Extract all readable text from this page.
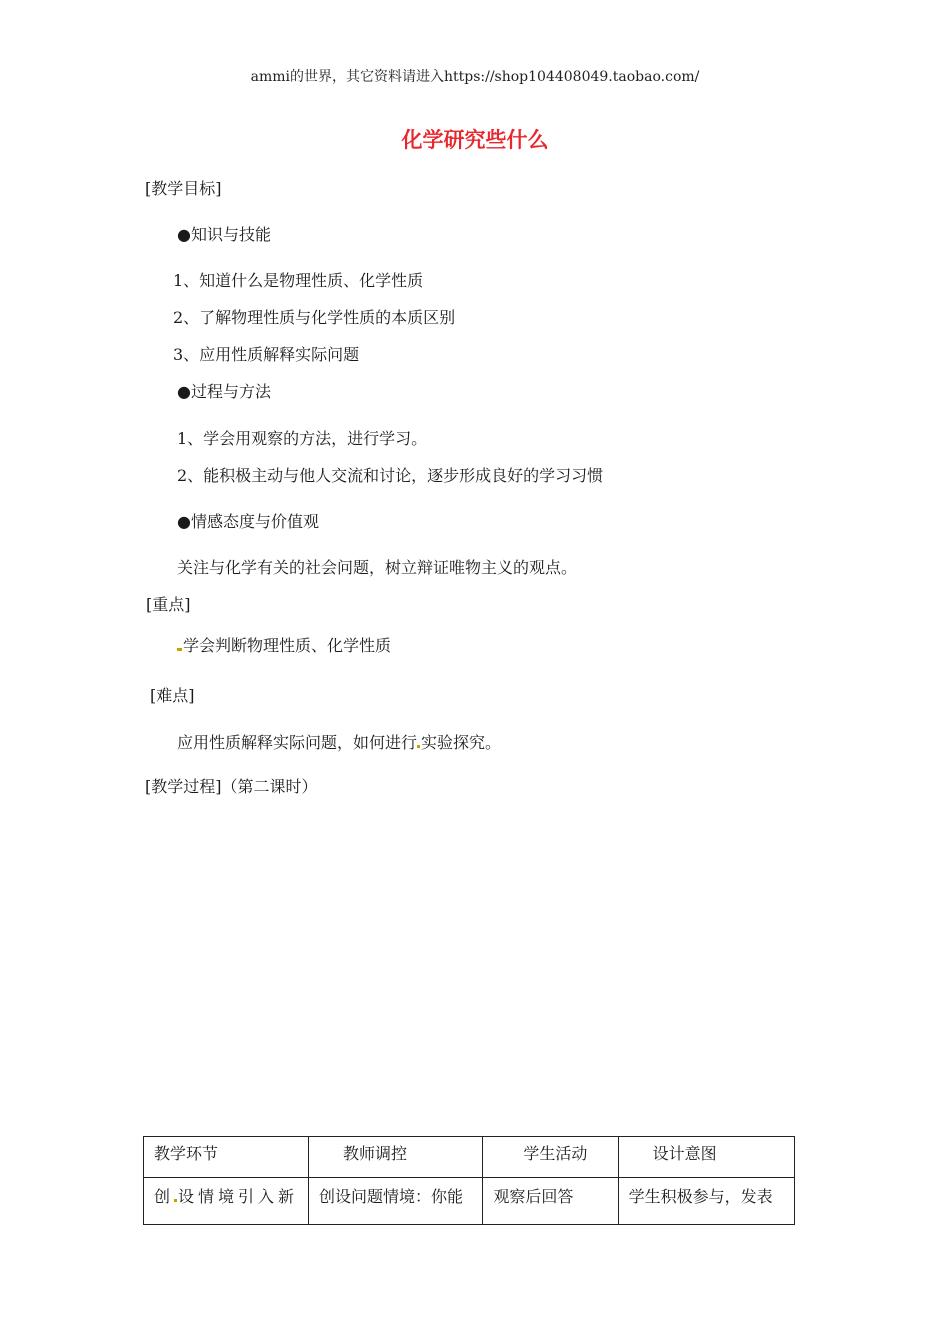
ammi的世界，其它资料请进入https://shop104408049.taobao.com/
化学研究些什么
[教学目标]
●知识与技能
1、知道什么是物理性质、化学性质
2、了解物理性质与化学性质的本质区别
3、应用性质解释实际问题
●过程与方法
1、学会用观察的方法，进行学习。
2、能积极主动与他人交流和讨论，逐步形成良好的学习习惯
●情感态度与价值观
关注与化学有关的社会问题，树立辩证唯物主义的观点。
[重点]
学会判断物理性质、化学性质
[难点]
应用性质解释实际问题，如何进行 实验探究。
[教学过程]（第二课时）
教学环节	教师调控	学生活动	设计意图
创 设情境引入新	创设问题情境：你能	观察后回答	学生积极参与，发表
